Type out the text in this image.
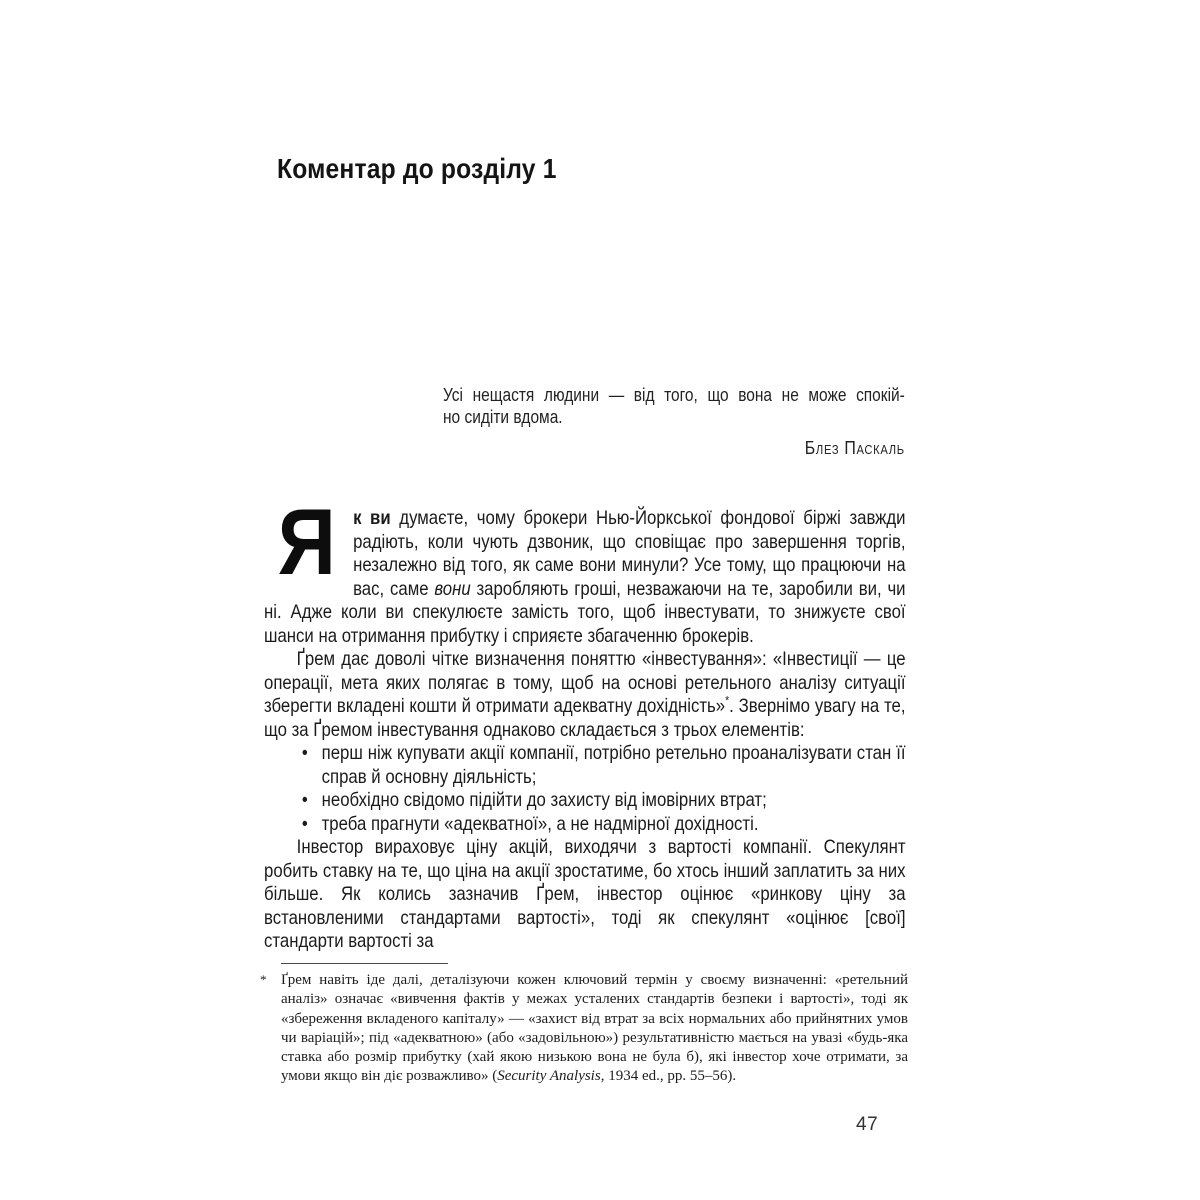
Коментар до розділу 1
Усі нещастя людини — від того, що вона не може спокій-
но сидіти вдома.
Блез Паскаль

Як ви думаєте, чому брокери Нью-Йоркської фондової біржі завжди радіють, коли чують дзвоник, що сповіщає про завершення торгів, незалежно від того, як саме вони минули? Усе тому, що працюючи на вас, саме вони заробляють гроші, незважаючи на те, заробили ви, чи ні. Адже коли ви спекулюєте замість того, щоб інвестувати, то знижуєте свої шанси на отримання прибутку і сприяєте збагаченню брокерів.

Ґрем дає доволі чітке визначення поняттю «інвестування»: «Інвестиції — це операції, мета яких полягає в тому, щоб на основі ретельного аналізу ситуації зберегти вкладені кошти й отримати адекватну дохідність»*. Звернімо увагу на те, що за Ґремом інвестування однаково складається з трьох елементів:

• перш ніж купувати акції компанії, потрібно ретельно проаналізувати стан її справ й основну діяльність;
• необхідно свідомо підійти до захисту від імовірних втрат;
• треба прагнути «адекватної», а не надмірної дохідності.

Інвестор вираховує ціну акцій, виходячи з вартості компанії. Спекулянт робить ставку на те, що ціна на акції зростатиме, бо хтось інший заплатить за них більше. Як колись зазначив Ґрем, інвестор оцінює «ринкову ціну за встановленими стандартами вартості», тоді як спекулянт «оцінює [свої] стандарти вартості за

* Ґрем навіть іде далі, деталізуючи кожен ключовий термін у своєму визначенні: «ретельний аналіз» означає «вивчення фактів у межах усталених стандартів безпеки і вартості», тоді як «збереження вкладеного капіталу» — «захист від втрат за всіх нормальних або прийнятних умов чи варіацій»; під «адекватною» (або «задовільною») результативністю мається на увазі «будь-яка ставка або розмір прибутку (хай якою низькою вона не була б), які інвестор хоче отримати, за умови якщо він діє розважливо» (Security Analysis, 1934 ed., pp. 55–56).
47
